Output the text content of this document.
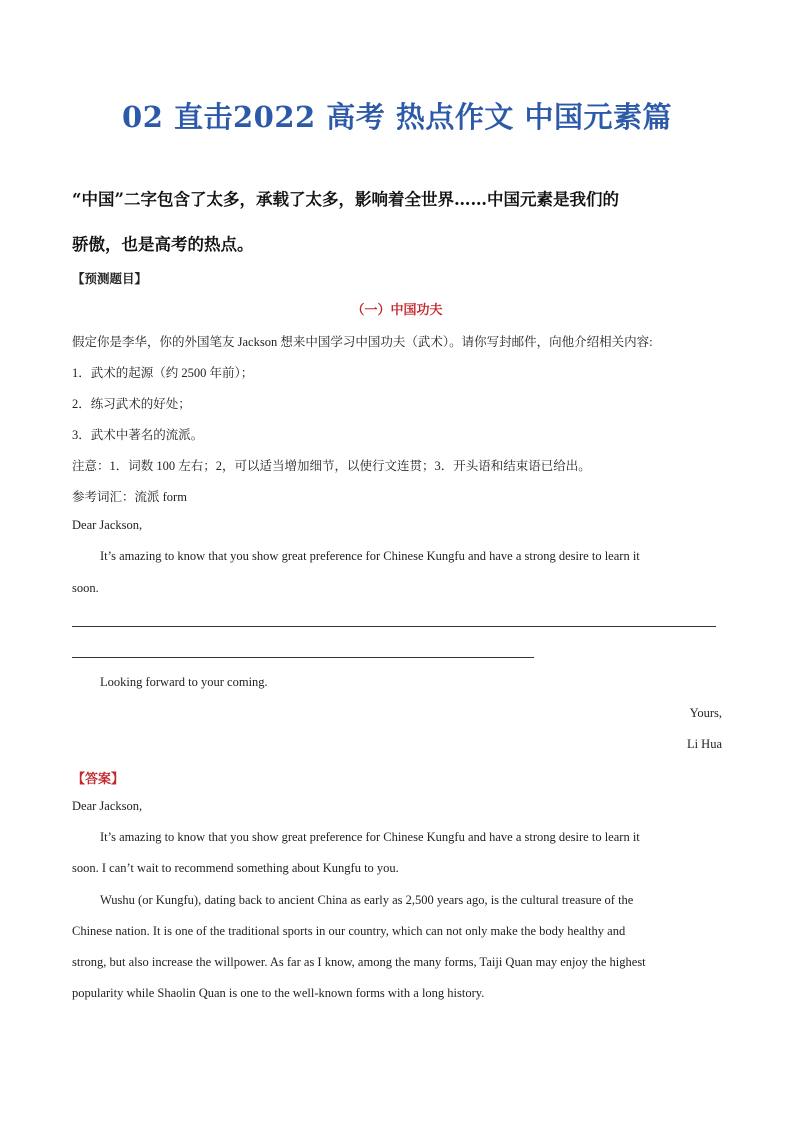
02 直击2022 高考 热点作文 中国元素篇
“中国”二字包含了太多，承载了太多，影响着全世界……中国元素是我们的
骄傲，也是高考的热点。
【预测题目】
（一）中国功夫
假定你是李华，你的外国笔友 Jackson 想来中国学习中国功夫（武术）。请你写封邮件，向他介绍相关内容:
1．武术的起源（约 2500 年前）；
2．练习武术的好处；
3．武术中著名的流派。
注意：1．词数 100 左右；2，可以适当增加细节，以使行文连贯；3．开头语和结束语已给出。
参考词汇：流派 form
Dear Jackson,
It’s amazing to know that you show great preference for Chinese Kungfu and have a strong desire to learn it
soon.
Looking forward to your coming.
Yours,
Li Hua
【答案】
Dear Jackson,
It’s amazing to know that you show great preference for Chinese Kungfu and have a strong desire to learn it
soon. I can’t wait to recommend something about Kungfu to you.
Wushu (or Kungfu), dating back to ancient China as early as 2,500 years ago, is the cultural treasure of the
Chinese nation. It is one of the traditional sports in our country, which can not only make the body healthy and
strong, but also increase the willpower. As far as I know, among the many forms, Taiji Quan may enjoy the highest
popularity while Shaolin Quan is one to the well-known forms with a long history.
